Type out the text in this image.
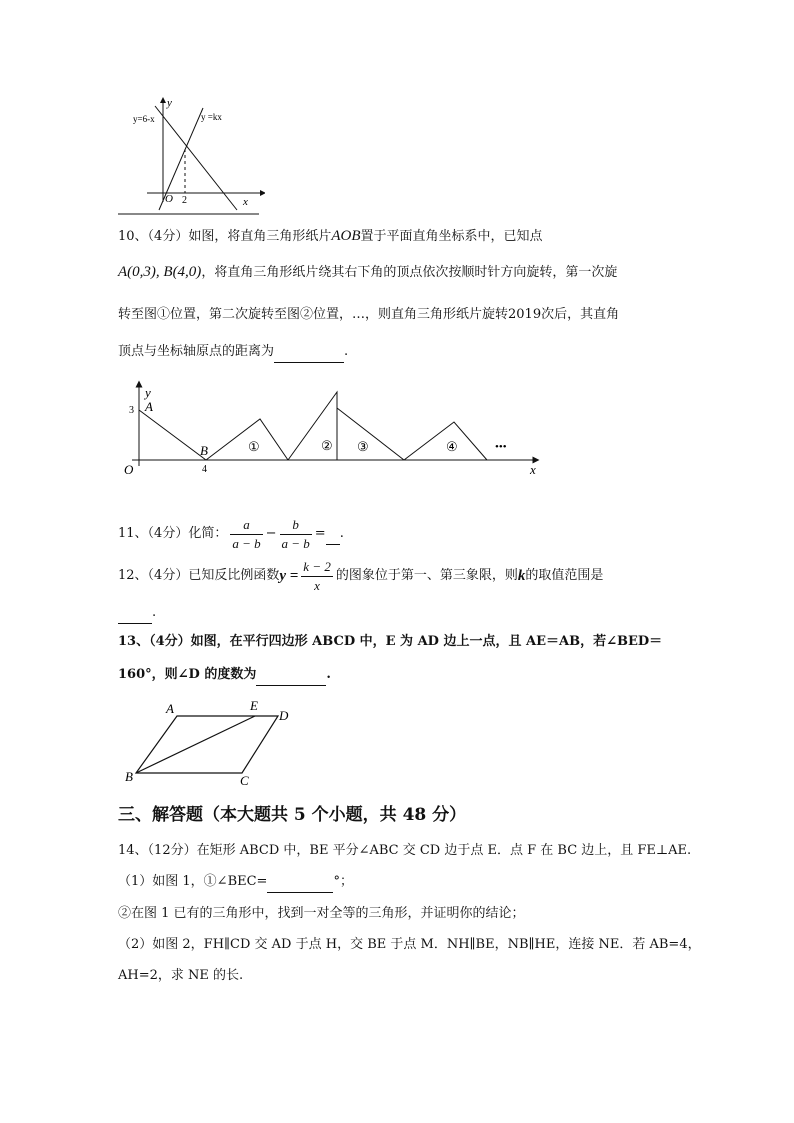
y
x
O 2
y=6-x	y =kx
10、（4分）如图，将直角三角形纸片AOB置于平面直角坐标系中，已知点
A(0,3), B(4,0)，将直角三角形纸片绕其右下角的顶点依次按顺时针方向旋转，第一次旋
转至图①位置，第二次旋转至图②位置，…，则直角三角形纸片旋转2019次后，其直角
顶点与坐标轴原点的距离为	.
y
x
O
A
B
3
4
①	② ③	④	•••
11、（4分）化简： $\frac{a}{a - b} - \frac{b}{a - b}$ =
.
12、（4分）已知反比例函数 $y = \frac{k - 2}{x}$ 的图象位于第一、第三象限，则 k 的取值范围是
.
13、（4分）如图，在平行四边形 ABCD 中，E 为 AD 边上一点，且 AE＝AB，若∠BED＝
160°，则∠D 的度数为	.
A	E
D
B	C
三、解答题（本大题共 5 个小题，共 48 分）
14、（12分）在矩形 ABCD 中，BE 平分∠ABC 交 CD 边于点 E．点 F 在 BC 边上，且 FE⊥AE.
（1）如图 1，①∠BEC=	°；
②在图 1 已有的三角形中，找到一对全等的三角形，并证明你的结论；
（2）如图 2，FH∥CD 交 AD 于点 H，交 BE 于点 M．NH∥BE，NB∥HE，连接 NE．若 AB=4，
AH=2，求 NE 的长.
